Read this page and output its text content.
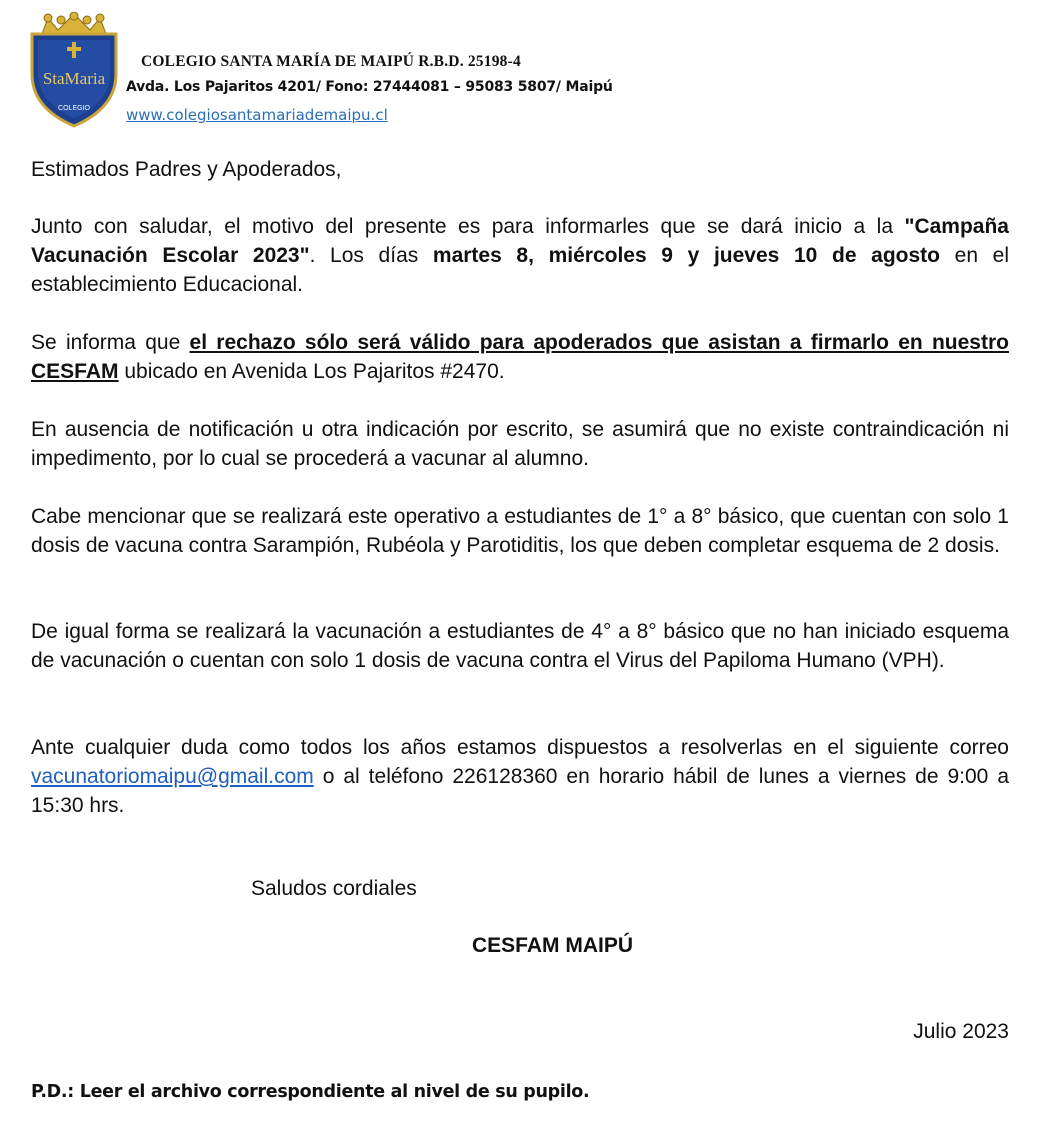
StaMaria
COLEGIO
COLEGIO SANTA MARÍA DE MAIPÚ R.B.D. 25198-4
Avda. Los Pajaritos 4201/ Fono: 27444081 – 95083 5807/ Maipú
www.colegiosantamariademaipu.cl

Estimados Padres y Apoderados,

Junto con saludar, el motivo del presente es para informarles que se dará inicio a la "Campaña Vacunación Escolar 2023". Los días martes 8, miércoles 9 y jueves 10 de agosto en el establecimiento Educacional.

Se informa que el rechazo sólo será válido para apoderados que asistan a firmarlo en nuestro CESFAM ubicado en Avenida Los Pajaritos #2470.

En ausencia de notificación u otra indicación por escrito, se asumirá que no existe contraindicación ni impedimento, por lo cual se procederá a vacunar al alumno.

Cabe mencionar que se realizará este operativo a estudiantes de 1° a 8° básico, que cuentan con solo 1 dosis de vacuna contra Sarampión, Rubéola y Parotiditis, los que deben completar esquema de 2 dosis.

De igual forma se realizará la vacunación a estudiantes de 4° a 8° básico que no han iniciado esquema de vacunación o cuentan con solo 1 dosis de vacuna contra el Virus del Papiloma Humano (VPH).

Ante cualquier duda como todos los años estamos dispuestos a resolverlas en el siguiente correo vacunatoriomaipu@gmail.com o al teléfono 226128360 en horario hábil de lunes a viernes de 9:00 a 15:30 hrs.

Saludos cordiales
CESFAM MAIPÚ
Julio 2023
P.D.: Leer el archivo correspondiente al nivel de su pupilo.
